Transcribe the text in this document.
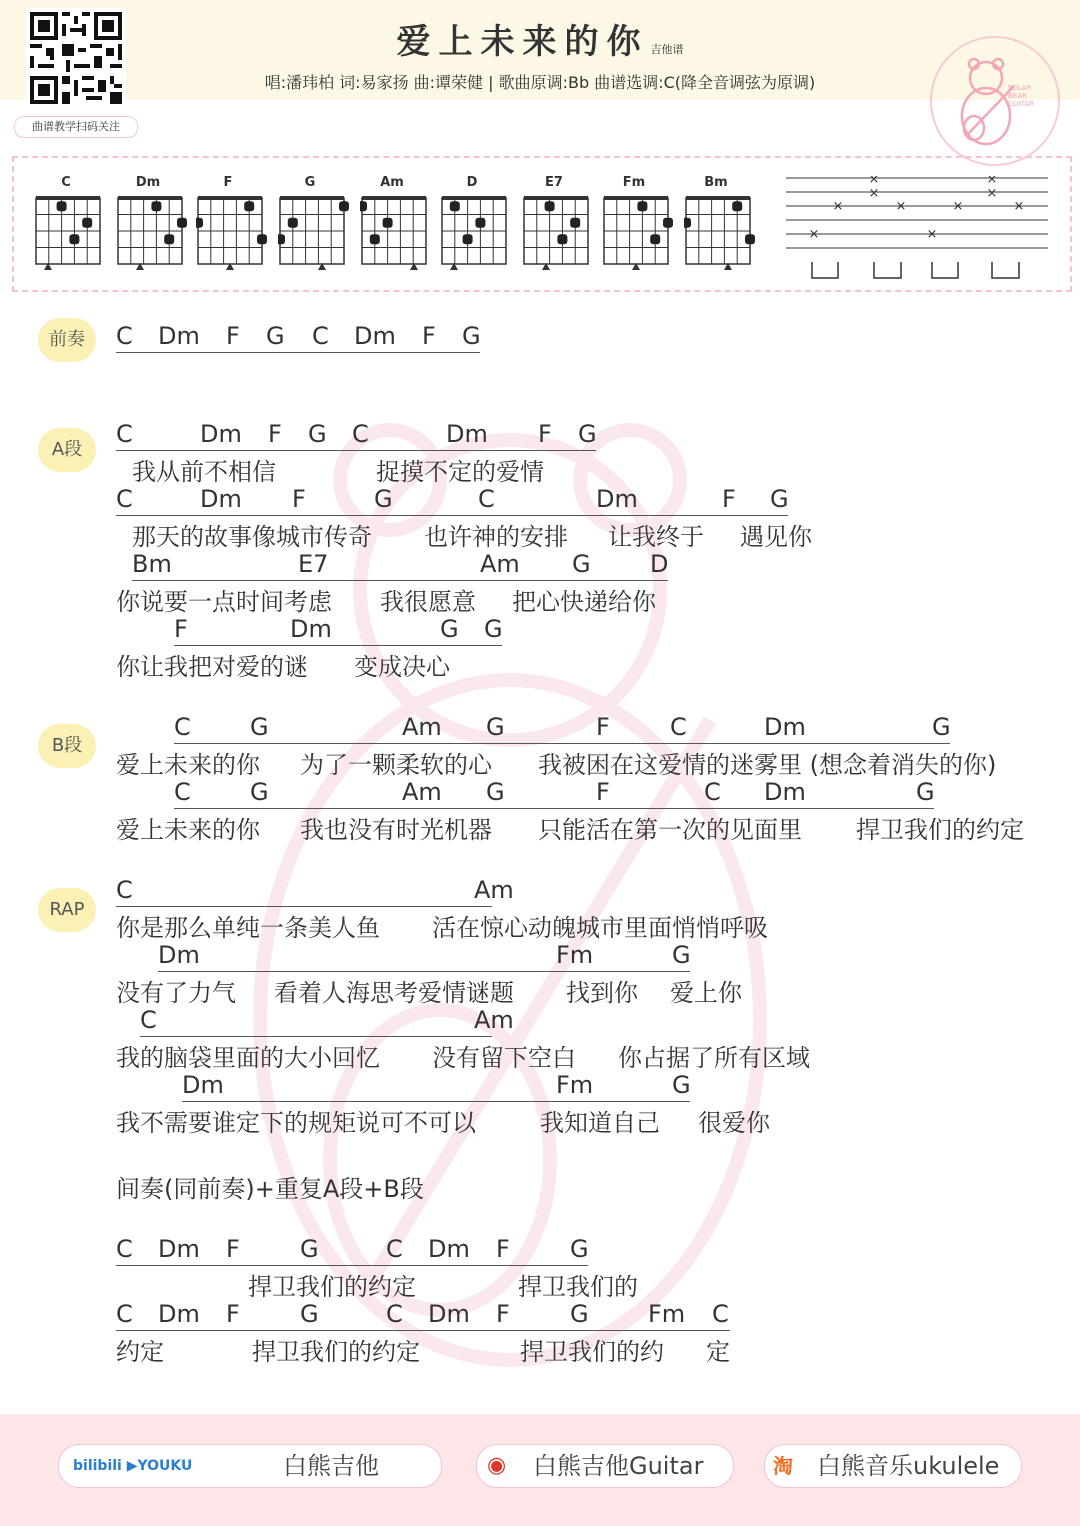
曲谱教学扫码关注
爱上未来的你 吉他谱
唱:潘玮柏 词:易家扬 曲:谭荣健 | 歌曲原调:Bb 曲谱选调:C(降全音调弦为原调)	POLAR
BEAR
GUITAR
C	Dm	F	G	Am	D	E7	Fm	Bm	×
×
×
×
×	×	×	×
×	×
前奏
A段
B段
RAP
C Dm F G C Dm F G
C	Dm F G C	Dm F G
我从前不相信	捉摸不定的爱情
C	Dm F	G	C	Dm	F G
那天的故事像城市传奇 也许神的安排 让我终于 遇见你
Bm	E7	Am G D
你说要一点时间考虑 我很愿意 把心快递给你
F	Dm	G G
你让我把对爱的谜 变成决心
C G	Am G	F	C	Dm	G
爱上未来的你 为了一颗柔软的心 我被困在这爱情的迷雾里 (想念着消失的你)
C G	Am G	F	C Dm	G
爱上未来的你 我也没有时光机器 只能活在第一次的见面里 捍卫我们的约定
C	Am
你是那么单纯一条美人鱼 活在惊心动魄城市里面悄悄呼吸
Dm	Fm	G
没有了力气 看着人海思考爱情谜题 找到你 爱上你
C	Am
我的脑袋里面的大小回忆 没有留下空白 你占据了所有区域
Dm	Fm	G
我不需要谁定下的规矩说可不可以	我知道自己 很爱你
间奏(同前奏)+重复A段+B段
C Dm F	G	C Dm F	G
捍卫我们的约定	捍卫我们的
C Dm F	G	C Dm F	G Fm C
约定	捍卫我们的约定	捍卫我们的约 定
bilibili ▶YOUKU	白熊吉他	◉ 白熊吉他Guitar	淘 白熊音乐ukulele
